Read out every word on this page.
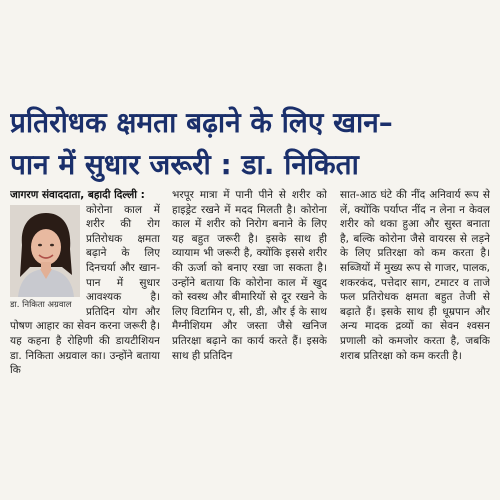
प्रतिरोधक क्षमता बढ़ाने के लिए खान–
पान में सुधार जरूरी : डा. निकिता
जागरण संवाददाता, बहादी दिल्ली :
डा. निकिता अग्रवाल

कोरोना काल में शरीर की रोग प्रतिरोधक क्षमता बढ़ाने के लिए दिनचर्या और खान-पान में सुधार आवश्यक है। प्रतिदिन योग और पोषण आहार का सेवन करना जरूरी है। यह कहना है रोहिणी की डायटीशियन डा. निकिता अग्रवाल का। उन्होंने बताया कि

भरपूर मात्रा में पानी पीने से शरीर को हाइड्रेट रखने में मदद मिलती है। कोरोना काल में शरीर को निरोग बनाने के लिए यह बहुत जरूरी है। इसके साथ ही व्यायाम भी जरूरी है, क्योंकि इससे शरीर की ऊर्जा को बनाए रखा जा सकता है। उन्होंने बताया कि कोरोना काल में खुद को स्वस्थ और बीमारियों से दूर रखने के लिए विटामिन ए, सी, डी, और ई के साथ मैग्नीशियम और जस्ता जैसे खनिज प्रतिरक्षा बढ़ाने का कार्य करते हैं। इसके साथ ही प्रतिदिन

सात-आठ घंटे की नींद अनिवार्य रूप से लें, क्योंकि पर्याप्त नींद न लेना न केवल शरीर को थका हुआ और सुस्त बनाता है, बल्कि कोरोना जैसे वायरस से लड़ने के लिए प्रतिरक्षा को कम करता है। सब्जियों में मुख्य रूप से गाजर, पालक, शकरकंद, पत्तेदार साग, टमाटर व ताजे फल प्रतिरोधक क्षमता बहुत तेजी से बढ़ाते हैं। इसके साथ ही धूम्रपान और अन्य मादक द्रव्यों का सेवन श्वसन प्रणाली को कमजोर करता है, जबकि शराब प्रतिरक्षा को कम करती है।
